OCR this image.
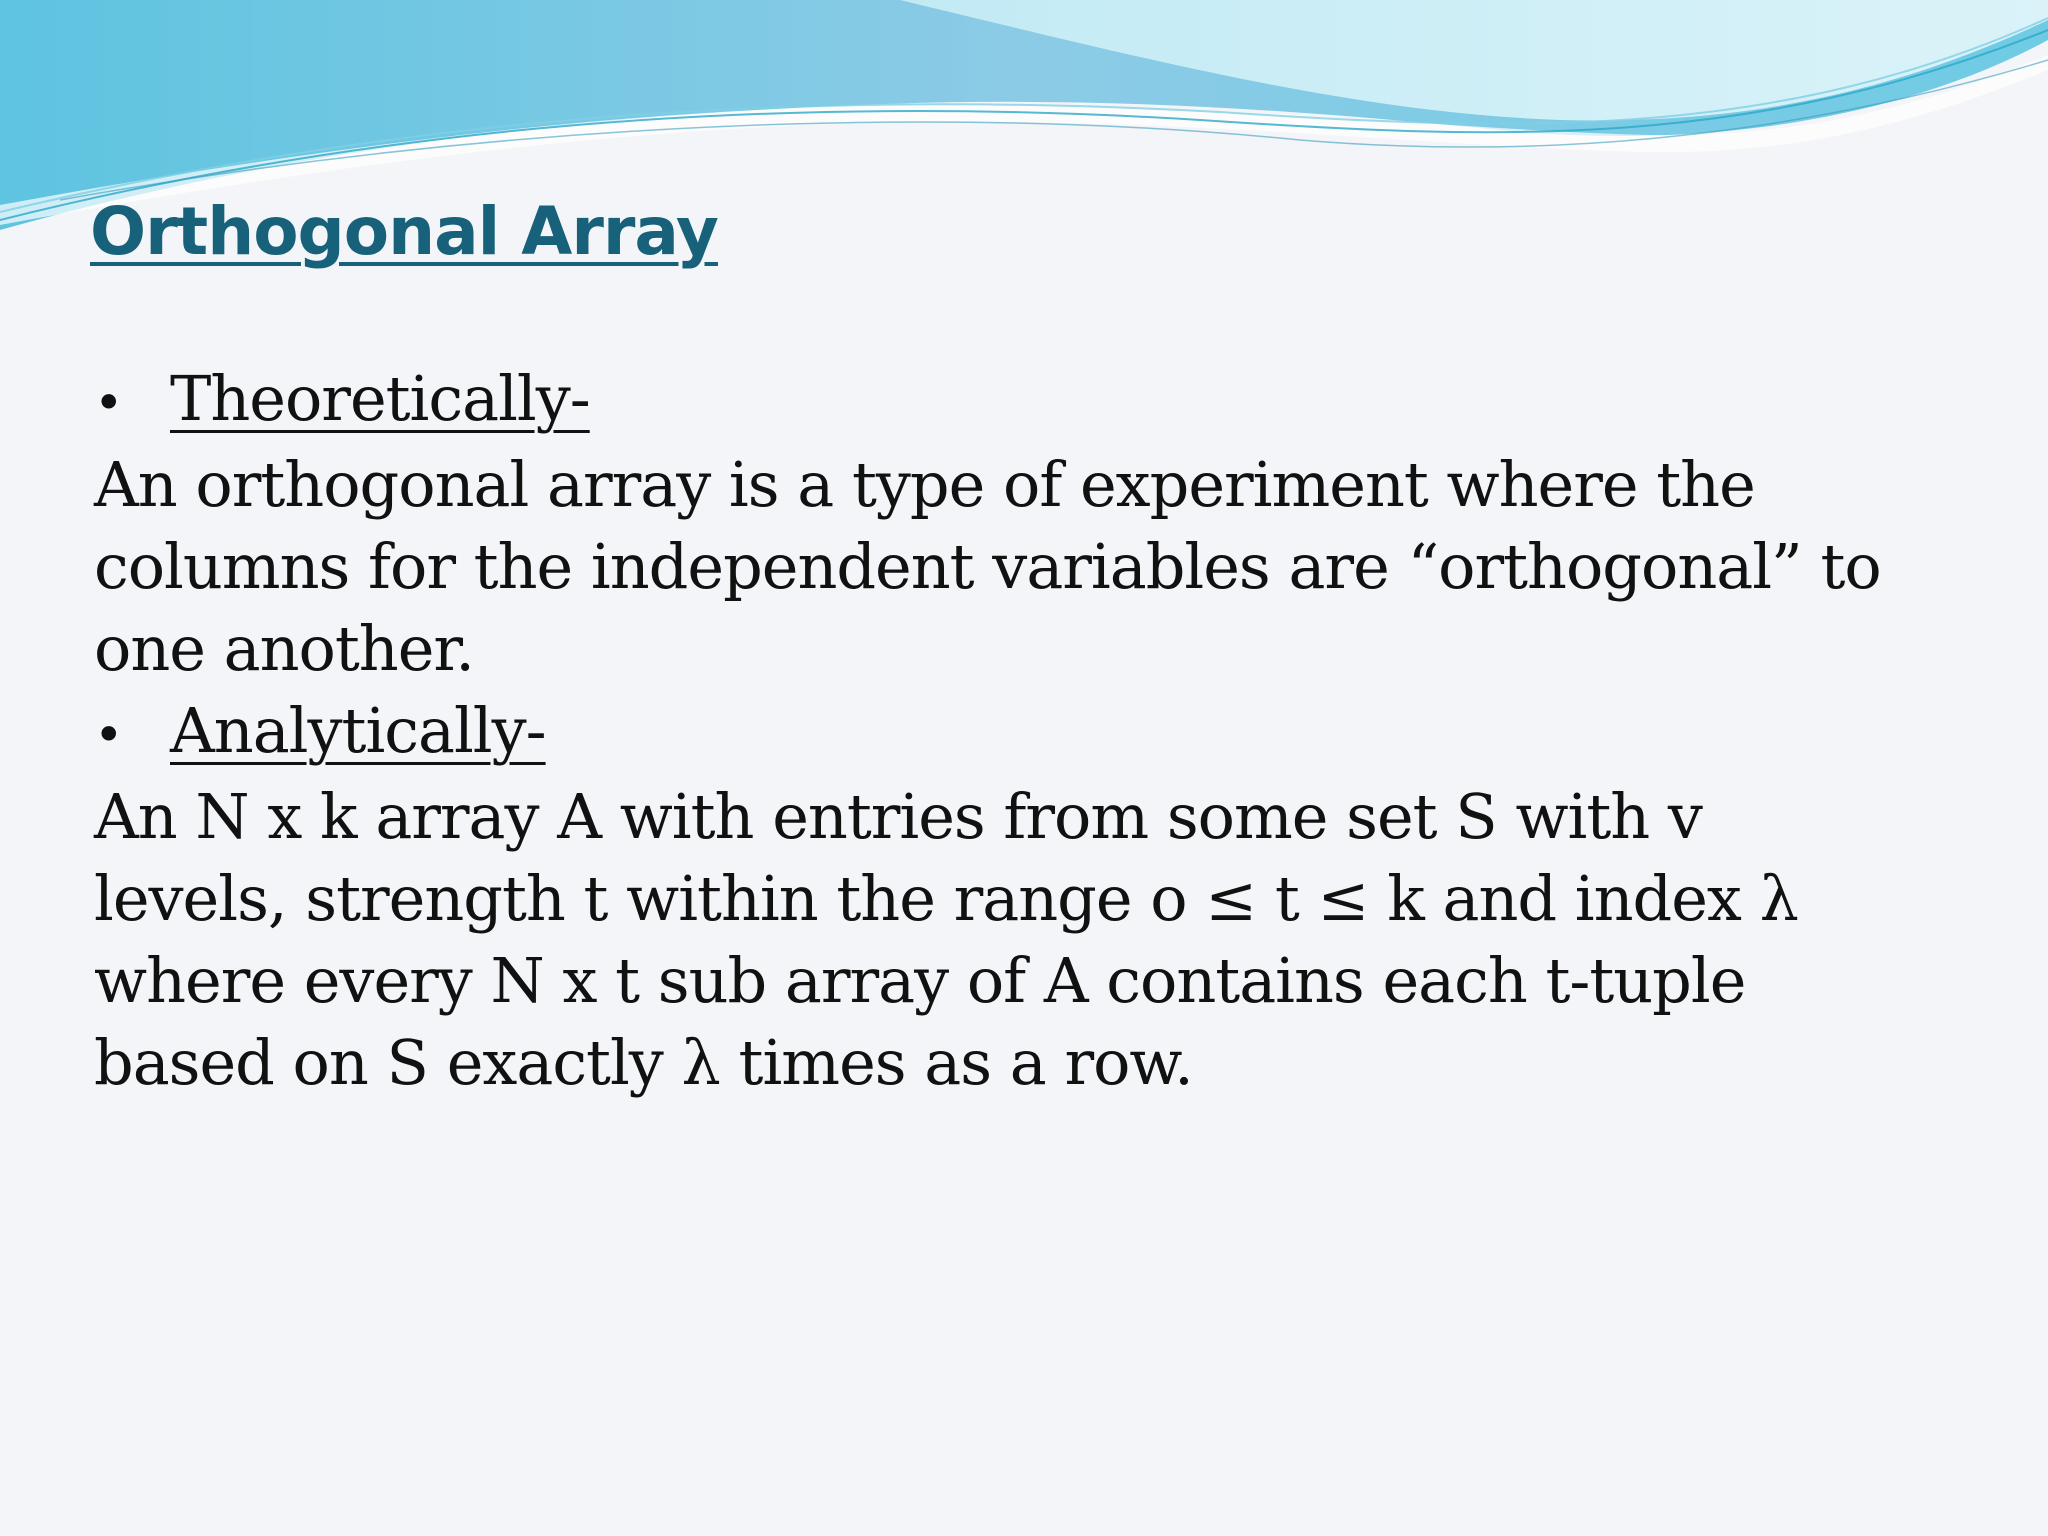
Orthogonal Array
• Theoretically-
An orthogonal array is a type of experiment where the
columns for the independent variables are “orthogonal” to
one another.
• Analytically-
An N x k array A with entries from some set S with v
levels, strength t within the range o ≤ t ≤ k and index λ
where every N x t sub array of A contains each t-tuple
based on S exactly λ times as a row.
